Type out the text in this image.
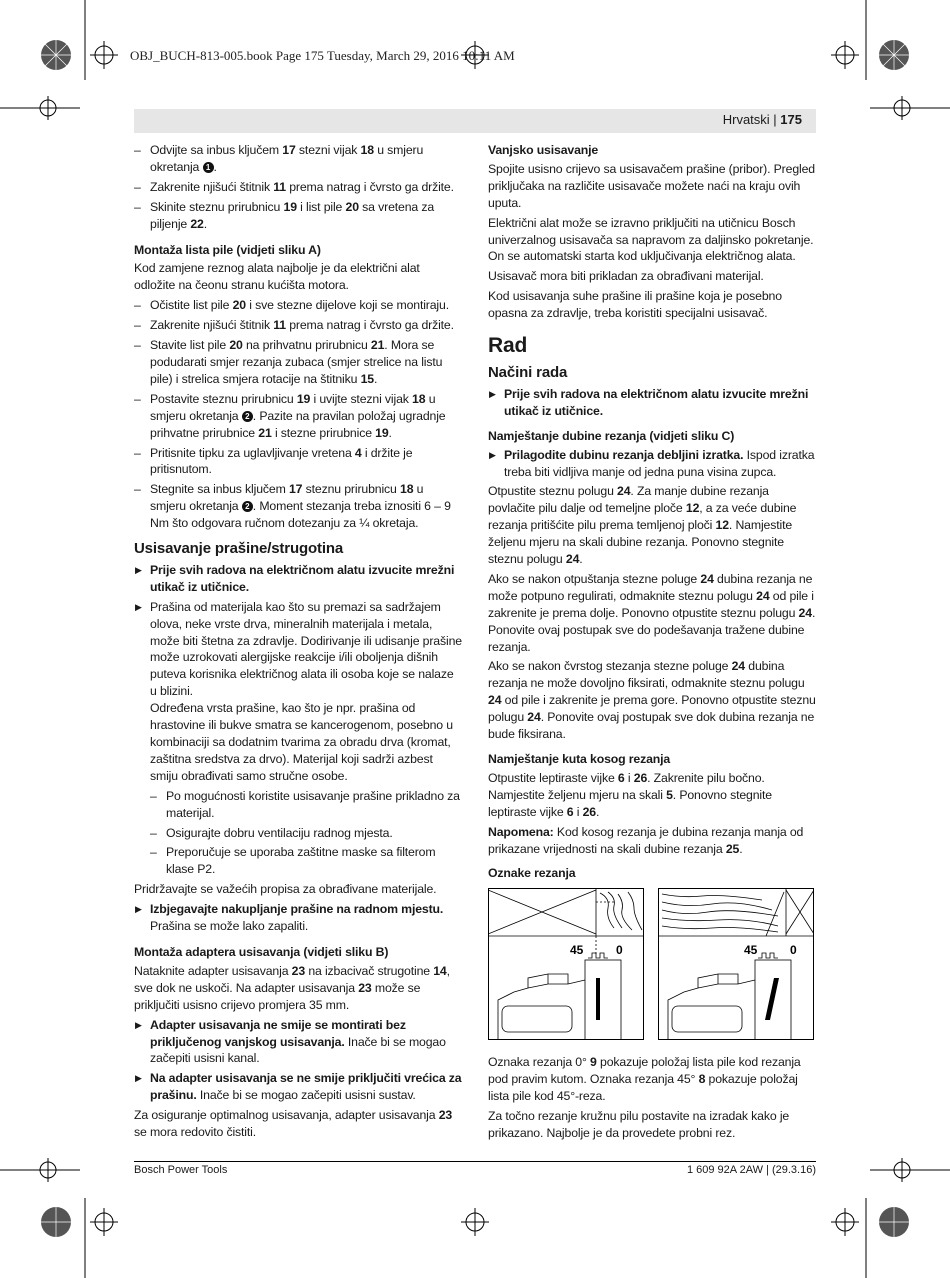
OBJ_BUCH-813-005.book Page 175 Tuesday, March 29, 2016 10:11 AM
Hrvatski | 175

– Odvijte sa inbus ključem 17 stezni vijak 18 u smjeru okretanja 1 .

– Zakrenite njišući štitnik 11 prema natrag i čvrsto ga držite.

– Skinite steznu prirubnicu 19 i list pile 20 sa vretena za piljenje 22.

Montaža lista pile (vidjeti sliku A)

Kod zamjene reznog alata najbolje je da električni alat odložite na čeonu stranu kućišta motora.

– Očistite list pile 20 i sve stezne dijelove koji se montiraju.

– Zakrenite njišući štitnik 11 prema natrag i čvrsto ga držite.

– Stavite list pile 20 na prihvatnu prirubnicu 21. Mora se podudarati smjer rezanja zubaca (smjer strelice na listu pile) i strelica smjera rotacije na štitniku 15.

– Postavite steznu prirubnicu 19 i uvijte stezni vijak 18 u smjeru okretanja 2 . Pazite na pravilan položaj ugradnje prihvatne prirubnice 21 i stezne prirubnice 19.

– Pritisnite tipku za uglavljivanje vretena 4 i držite je pritisnutom.

– Stegnite sa inbus ključem 17 steznu prirubnicu 18 u smjeru okretanja 2 . Moment stezanja treba iznositi 6 – 9 Nm što odgovara ručnom dotezanju za ¼ okretaja.

Usisavanje prašine/strugotina

▶ Prije svih radova na električnom alatu izvucite mrežni utikač iz utičnice.

▶ Prašina od materijala kao što su premazi sa sadržajem olova, neke vrste drva, mineralnih materijala i metala, može biti štetna za zdravlje. Dodirivanje ili udisanje prašine može uzrokovati alergijske reakcije i/ili oboljenja dišnih puteva korisnika električnog alata ili osoba koje se nalaze u blizini.
Određena vrsta prašine, kao što je npr. prašina od hrastovine ili bukve smatra se kancerogenom, posebno u kombinaciji sa dodatnim tvarima za obradu drva (kromat, zaštitna sredstva za drvo). Materijal koji sadrži azbest smiju obrađivati samo stručne osobe.

– Po mogućnosti koristite usisavanje prašine prikladno za materijal.

– Osigurajte dobru ventilaciju radnog mjesta.

– Preporučuje se uporaba zaštitne maske sa filterom klase P2.

Pridržavajte se važećih propisa za obrađivane materijale.

▶ Izbjegavajte nakupljanje prašine na radnom mjestu. Prašina se može lako zapaliti.

Montaža adaptera usisavanja (vidjeti sliku B)

Nataknite adapter usisavanja 23 na izbacivač strugotine 14, sve dok ne uskoči. Na adapter usisavanja 23 može se priključiti usisno crijevo promjera 35 mm.

▶ Adapter usisavanja ne smije se montirati bez priključenog vanjskog usisavanja. Inače bi se mogao začepiti usisni kanal.

▶ Na adapter usisavanja se ne smije priključiti vrećica za prašinu. Inače bi se mogao začepiti usisni sustav.

Za osiguranje optimalnog usisavanja, adapter usisavanja 23 se mora redovito čistiti.

Vanjsko usisavanje

Spojite usisno crijevo sa usisavačem prašine (pribor). Pregled priključaka na različite usisavače možete naći na kraju ovih uputa.

Električni alat može se izravno priključiti na utičnicu Bosch univerzalnog usisavača sa napravom za daljinsko pokretanje. On se automatski starta kod uključivanja električnog alata.

Usisavač mora biti prikladan za obrađivani materijal.

Kod usisavanja suhe prašine ili prašine koja je posebno opasna za zdravlje, treba koristiti specijalni usisavač.

Rad
Načini rada

▶ Prije svih radova na električnom alatu izvucite mrežni utikač iz utičnice.

Namještanje dubine rezanja (vidjeti sliku C)

▶ Prilagodite dubinu rezanja debljini izratka. Ispod izratka treba biti vidljiva manje od jedna puna visina zupca.

Otpustite steznu polugu 24. Za manje dubine rezanja povlačite pilu dalje od temeljne ploče 12, a za veće dubine rezanja pritišćite pilu prema temljenoj ploči 12. Namjestite željenu mjeru na skali dubine rezanja. Ponovno stegnite steznu polugu 24.

Ako se nakon otpuštanja stezne poluge 24 dubina rezanja ne može potpuno regulirati, odmaknite steznu polugu 24 od pile i zakrenite je prema dolje. Ponovno otpustite steznu polugu 24. Ponovite ovaj postupak sve do podešavanja tražene dubine rezanja.

Ako se nakon čvrstog stezanja stezne poluge 24 dubina rezanja ne može dovoljno fiksirati, odmaknite steznu polugu 24 od pile i zakrenite je prema gore. Ponovno otpustite steznu polugu 24. Ponovite ovaj postupak sve dok dubina rezanja ne bude fiksirana.

Namještanje kuta kosog rezanja

Otpustite leptiraste vijke 6 i 26. Zakrenite pilu bočno. Namjestite željenu mjeru na skali 5. Ponovno stegnite leptiraste vijke 6 i 26.

Napomena: Kod kosog rezanja je dubina rezanja manja od prikazane vrijednosti na skali dubine rezanja 25.

Oznake rezanja
45	0	45	0

Oznaka rezanja 0° 9 pokazuje položaj lista pile kod rezanja pod pravim kutom. Oznaka rezanja 45° 8 pokazuje položaj lista pile kod 45°-reza.

Za točno rezanje kružnu pilu postavite na izradak kako je prikazano. Najbolje je da provedete probni rez.

Bosch Power Tools	1 609 92A 2AW | (29.3.16)
